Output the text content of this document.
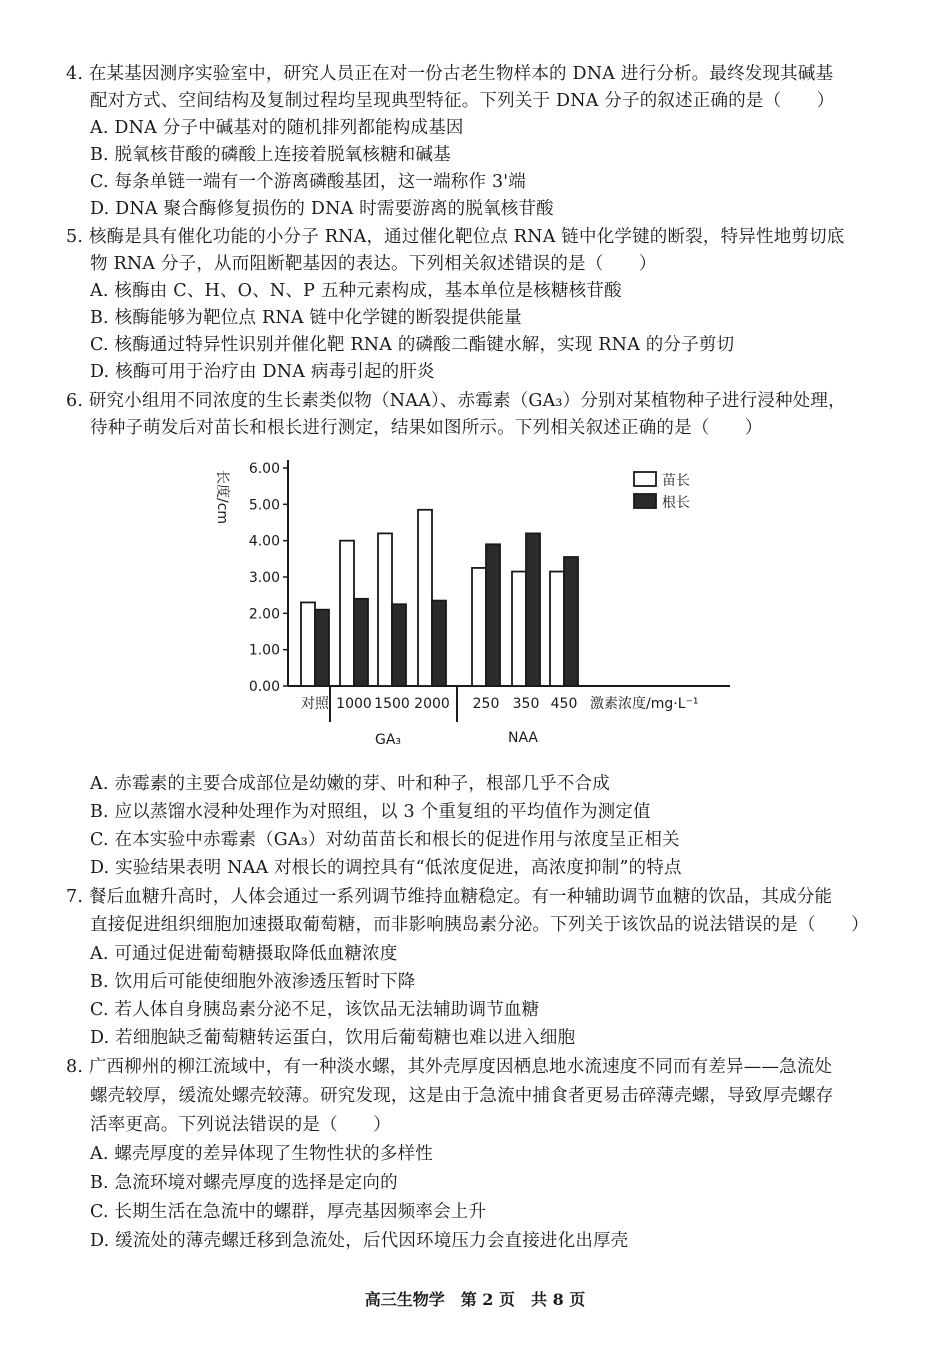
4. 在某基因测序实验室中，研究人员正在对一份古老生物样本的 DNA 进行分析。最终发现其碱基
配对方式、空间结构及复制过程均呈现典型特征。下列关于 DNA 分子的叙述正确的是（　　）
A. DNA 分子中碱基对的随机排列都能构成基因
B. 脱氧核苷酸的磷酸上连接着脱氧核糖和碱基
C. 每条单链一端有一个游离磷酸基团，这一端称作 3'端
D. DNA 聚合酶修复损伤的 DNA 时需要游离的脱氧核苷酸
5. 核酶是具有催化功能的小分子 RNA，通过催化靶位点 RNA 链中化学键的断裂，特异性地剪切底
物 RNA 分子，从而阻断靶基因的表达。下列相关叙述错误的是（　　）
A. 核酶由 C、H、O、N、P 五种元素构成，基本单位是核糖核苷酸
B. 核酶能够为靶位点 RNA 链中化学键的断裂提供能量
C. 核酶通过特异性识别并催化靶 RNA 的磷酸二酯键水解，实现 RNA 的分子剪切
D. 核酶可用于治疗由 DNA 病毒引起的肝炎
6. 研究小组用不同浓度的生长素类似物（NAA）、赤霉素（GA₃）分别对某植物种子进行浸种处理，
待种子萌发后对苗长和根长进行测定，结果如图所示。下列相关叙述正确的是（　　）
0.00
1.00
2.00
3.00
4.00
5.00
6.00
长度/cm
对照 1000 1500 2000 250 350 450
GA₃	NAA
激素浓度/mg·L⁻¹
苗长
根长
A. 赤霉素的主要合成部位是幼嫩的芽、叶和种子，根部几乎不合成
B. 应以蒸馏水浸种处理作为对照组，以 3 个重复组的平均值作为测定值
C. 在本实验中赤霉素（GA₃）对幼苗苗长和根长的促进作用与浓度呈正相关
D. 实验结果表明 NAA 对根长的调控具有“低浓度促进，高浓度抑制”的特点
7. 餐后血糖升高时，人体会通过一系列调节维持血糖稳定。有一种辅助调节血糖的饮品，其成分能
直接促进组织细胞加速摄取葡萄糖，而非影响胰岛素分泌。下列关于该饮品的说法错误的是（　　）
A. 可通过促进葡萄糖摄取降低血糖浓度
B. 饮用后可能使细胞外液渗透压暂时下降
C. 若人体自身胰岛素分泌不足，该饮品无法辅助调节血糖
D. 若细胞缺乏葡萄糖转运蛋白，饮用后葡萄糖也难以进入细胞
8. 广西柳州的柳江流域中，有一种淡水螺，其外壳厚度因栖息地水流速度不同而有差异——急流处
螺壳较厚，缓流处螺壳较薄。研究发现，这是由于急流中捕食者更易击碎薄壳螺，导致厚壳螺存
活率更高。下列说法错误的是（　　）
A. 螺壳厚度的差异体现了生物性状的多样性
B. 急流环境对螺壳厚度的选择是定向的
C. 长期生活在急流中的螺群，厚壳基因频率会上升
D. 缓流处的薄壳螺迁移到急流处，后代因环境压力会直接进化出厚壳
高三生物学　第 2 页　共 8 页
